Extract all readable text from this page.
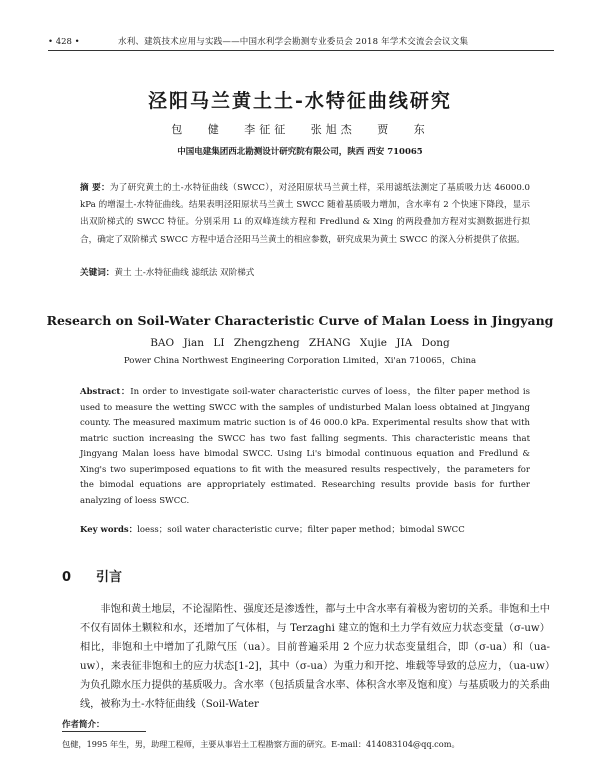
• 428 •	水利、建筑技术应用与实践——中国水利学会勘测专业委员会 2018 年学术交流会会议文集
泾阳马兰黄土土-水特征曲线研究
包 健 李征征 张旭杰 贾 东
中国电建集团西北勘测设计研究院有限公司，陕西 西安 710065
摘 要：为了研究黄土的土-水特征曲线（SWCC），对泾阳原状马兰黄土样，采用滤纸法测定了基质吸力达 46000.0 kPa 的增湿土-水特征曲线。结果表明泾阳原状马兰黄土 SWCC 随着基质吸力增加，含水率有 2 个快速下降段，显示出双阶梯式的 SWCC 特征。分别采用 Li 的双峰连续方程和 Fredlund & Xing 的两段叠加方程对实测数据进行拟合，确定了双阶梯式 SWCC 方程中适合泾阳马兰黄土的相应参数，研究成果为黄土 SWCC 的深入分析提供了依据。
关键词：黄土 土-水特征曲线 滤纸法 双阶梯式
Research on Soil-Water Characteristic Curve of Malan Loess in Jingyang
BAO Jian LI Zhengzheng ZHANG Xujie JIA Dong
Power China Northwest Engineering Corporation Limited，Xi'an 710065，China
Abstract：In order to investigate soil-water characteristic curves of loess，the filter paper method is used to measure the wetting SWCC with the samples of undisturbed Malan loess obtained at Jingyang county. The measured maximum matric suction is of 46 000.0 kPa. Experimental results show that with matric suction increasing the SWCC has two fast falling segments. This characteristic means that Jingyang Malan loess have bimodal SWCC. Using Li's bimodal continuous equation and Fredlund & Xing's two superimposed equations to fit with the measured results respectively，the parameters for the bimodal equations are appropriately estimated. Researching results provide basis for further analyzing of loess SWCC.
Key words：loess；soil water characteristic curve；filter paper method；bimodal SWCC
0 引言
非饱和黄土地层，不论湿陷性、强度还是渗透性，都与土中含水率有着极为密切的关系。非饱和土中不仅有固体土颗粒和水，还增加了气体相，与 Terzaghi 建立的饱和土力学有效应力状态变量（σ-uw）相比，非饱和土中增加了孔隙气压（ua）。目前普遍采用 2 个应力状态变量组合，即（σ-ua）和（ua-uw），来表征非饱和土的应力状态[1-2]，其中（σ-ua）为重力和开挖、堆载等导致的总应力，（ua-uw）为负孔隙水压力提供的基质吸力。含水率（包括质量含水率、体积含水率及饱和度）与基质吸力的关系曲线，被称为土-水特征曲线（Soil-Water
作者简介：
包健，1995 年生，男，助理工程师，主要从事岩土工程勘察方面的研究。E-mail：414083104@qq.com。
